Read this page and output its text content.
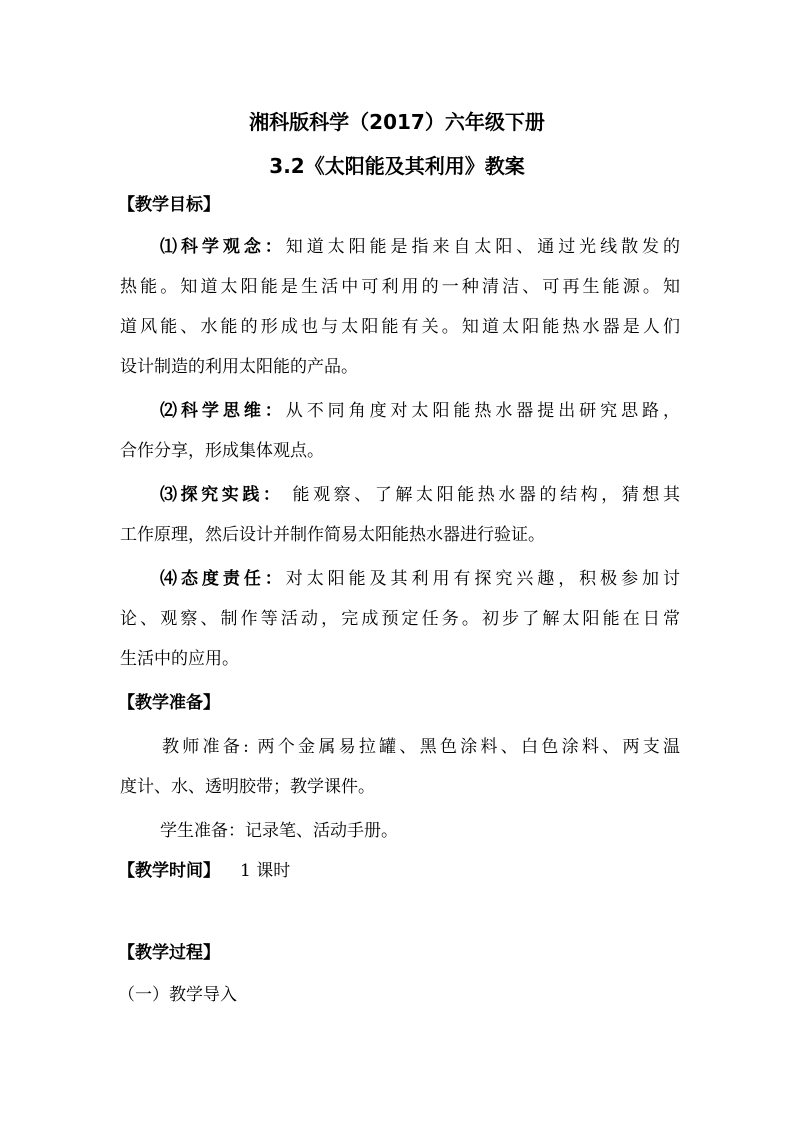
湘科版科学（2017）六年级下册
3.2《太阳能及其利用》教案
【教学目标】
⑴科学观念：知道太阳能是指来自太阳、通过光线散发的
热能。知道太阳能是生活中可利用的一种清洁、可再生能源。知
道风能、水能的形成也与太阳能有关。知道太阳能热水器是人们
设计制造的利用太阳能的产品。
⑵科学思维：从不同角度对太阳能热水器提出研究思路，
合作分享，形成集体观点。
⑶探究实践： 能观察、了解太阳能热水器的结构，猜想其
工作原理，然后设计并制作简易太阳能热水器进行验证。
⑷态度责任：对太阳能及其利用有探究兴趣，积极参加讨
论、观察、制作等活动，完成预定任务。初步了解太阳能在日常
生活中的应用。
【教学准备】
教师准备: 两个金属易拉罐、黑色涂料、白色涂料、两支温
度计、水、透明胶带；教学课件。
学生准备：记录笔、活动手册。
【教学时间】 1 课时
【教学过程】
（一）教学导入
